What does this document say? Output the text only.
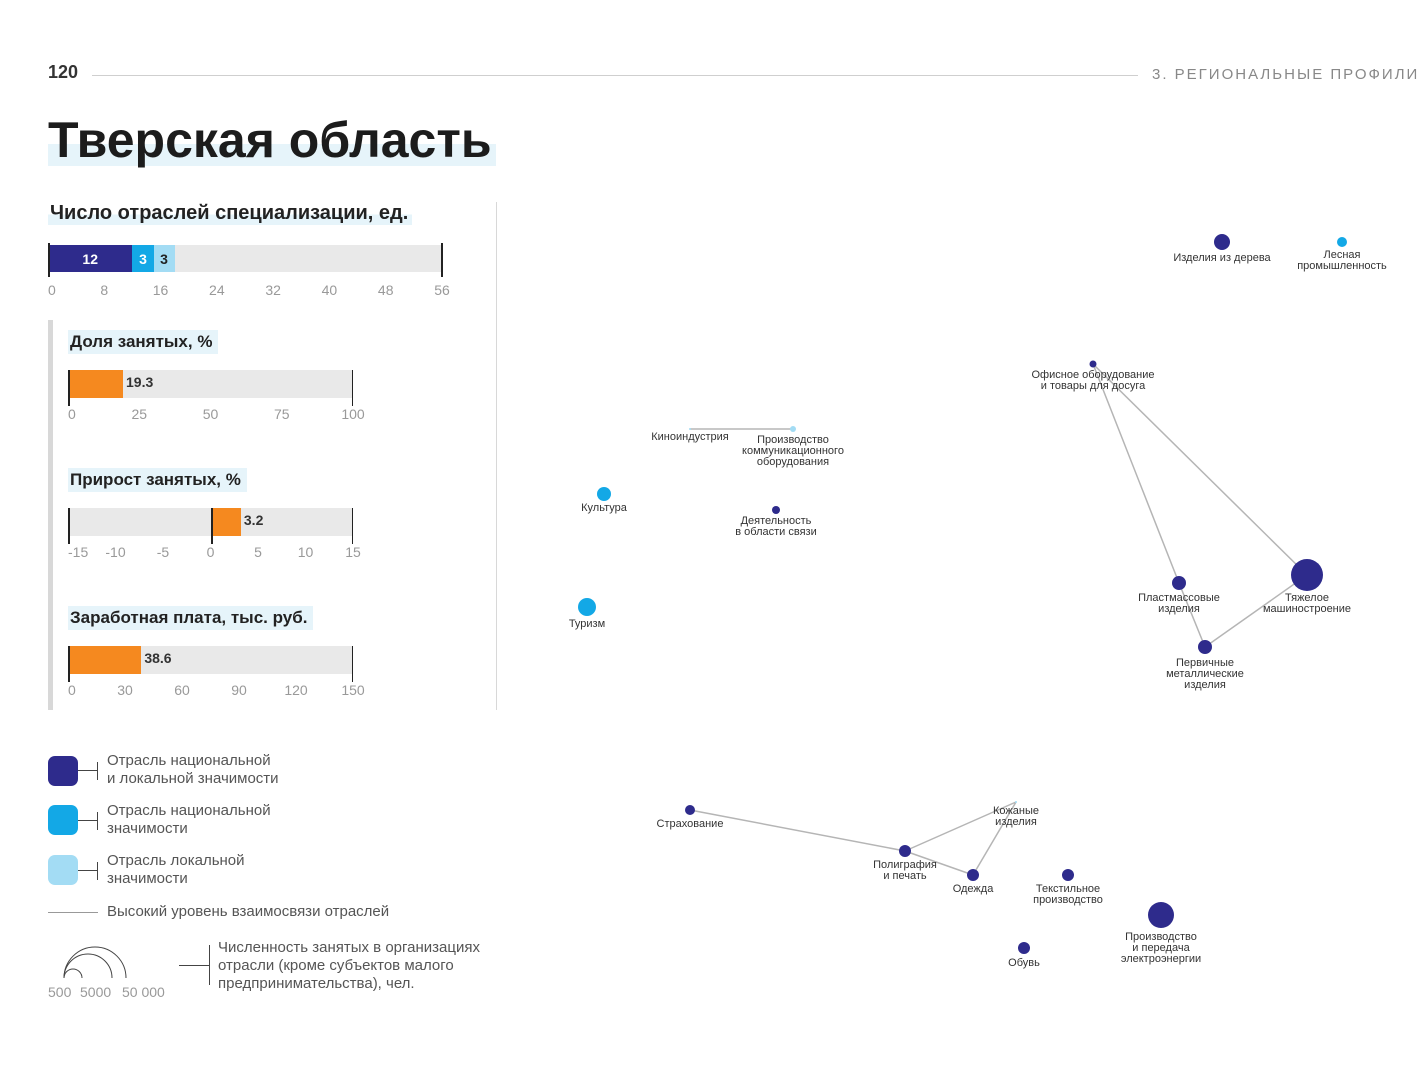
120	3. РЕГИОНАЛЬНЫЕ ПРОФИЛИ
Тверская область
Число отраслей специализации, ед.
12	3 3
0	8	16	24	32	40	48	56
Доля занятых, %
19.3
0	25	50	75	100
Прирост занятых, %
3.2
-15 -10 -5	0	5	10 15
Заработная плата, тыс. руб.
38.6
0	30	60	90	120 150
Отрасль национальной
и локальной значимости
Отрасль национальной
значимости
Отрасль локальной
значимости
Высокий уровень взаимосвязи отраслей
500 5000 50 000
Численность занятых в организациях
отрасли (кроме субъектов малого
предпринимательства), чел.
Изделия из дерева	Лесная промышленность
Офисное оборудование и товары для досуга
Киноиндустрия	Производство коммуникационного оборудования
Культура
Деятельность в области связи
Туризм
Пластмассовые изделия
Тяжелое машиностроение
Первичные металлические изделия
Страхование
Кожаные изделия
Полиграфия и печать
Одежда	Текстильное производство
Производство и передача электроэнергии
Обувь
